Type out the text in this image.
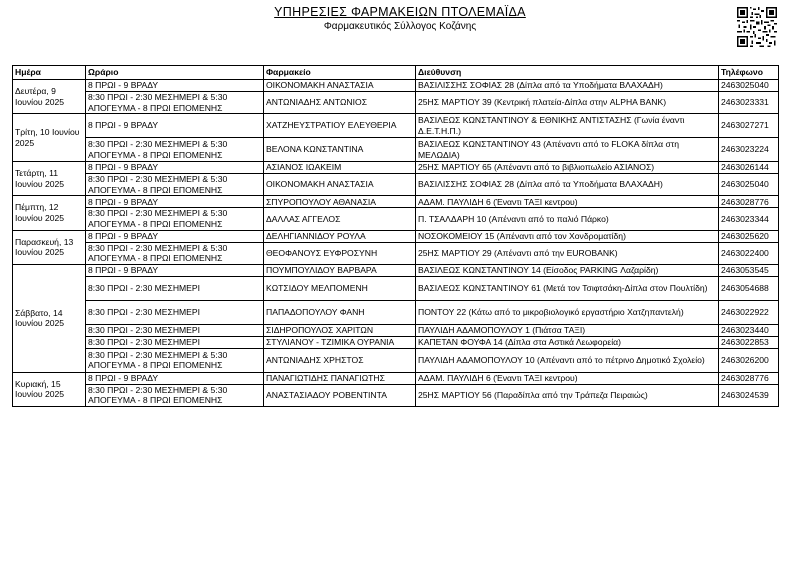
ΥΠΗΡΕΣΙΕΣ ΦΑΡΜΑΚΕΙΩΝ ΠΤΟΛΕΜΑΪΔΑ
Φαρμακευτικός Σύλλογος Κοζάνης
Ημέρα	Ωράριο	Φαρμακείο	Διεύθυνση	Τηλέφωνο
Δευτέρα, 9 Ιουνίου 2025	8 ΠΡΩΙ - 9 ΒΡΑΔΥ	ΟΙΚΟΝΟΜΑΚΗ ΑΝΑΣΤΑΣΙΑ	ΒΑΣΙΛΙΣΣΗΣ ΣΟΦΙΑΣ 28 (Δίπλα από τα Υποδήματα ΒΛΑΧΑΔΗ)	2463025040
	8:30 ΠΡΩΙ - 2:30 ΜΕΣΗΜΕΡΙ & 5:30 ΑΠΟΓΕΥΜΑ - 8 ΠΡΩΙ ΕΠΟΜΕΝΗΣ	ΑΝΤΩΝΙΑΔΗΣ ΑΝΤΩΝΙΟΣ	25ΗΣ ΜΑΡΤΙΟΥ 39 (Κεντρική πλατεία-Δίπλα στην ALPHA BANK)	2463023331
Τρίτη, 10 Ιουνίου 2025	8 ΠΡΩΙ - 9 ΒΡΑΔΥ	ΧΑΤΖΗΕΥΣΤΡΑΤΙΟΥ ΕΛΕΥΘΕΡΙΑ	ΒΑΣΙΛΕΩΣ ΚΩΝΣΤΑΝΤΙΝΟΥ & ΕΘΝΙΚΗΣ ΑΝΤΙΣΤΑΣΗΣ (Γωνία έναντι Δ.Ε.Τ.Η.Π.)	2463027271
	8:30 ΠΡΩΙ - 2:30 ΜΕΣΗΜΕΡΙ & 5:30 ΑΠΟΓΕΥΜΑ - 8 ΠΡΩΙ ΕΠΟΜΕΝΗΣ	ΒΕΛΟΝΑ ΚΩΝΣΤΑΝΤΙΝΑ	ΒΑΣΙΛΕΩΣ ΚΩΝΣΤΑΝΤΙΝΟΥ 43 (Απέναντι από το FLOKA δίπλα στη ΜΕΛΩΔΙΑ)	2463023224
Τετάρτη, 11 Ιουνίου 2025	8 ΠΡΩΙ - 9 ΒΡΑΔΥ	ΑΣΙΑΝΟΣ ΙΩΑΚΕΙΜ	25ΗΣ ΜΑΡΤΙΟΥ 65 (Απέναντι από το βιβλιοπωλείο ΑΣΙΑΝΟΣ)	2463026144
	8:30 ΠΡΩΙ - 2:30 ΜΕΣΗΜΕΡΙ & 5:30 ΑΠΟΓΕΥΜΑ - 8 ΠΡΩΙ ΕΠΟΜΕΝΗΣ	ΟΙΚΟΝΟΜΑΚΗ ΑΝΑΣΤΑΣΙΑ	ΒΑΣΙΛΙΣΣΗΣ ΣΟΦΙΑΣ 28 (Δίπλα από τα Υποδήματα ΒΛΑΧΑΔΗ)	2463025040
Πέμπτη, 12 Ιουνίου 2025	8 ΠΡΩΙ - 9 ΒΡΑΔΥ	ΣΠΥΡΟΠΟΥΛΟΥ ΑΘΑΝΑΣΙΑ	ΑΔΑΜ. ΠΑΥΛΙΔΗ 6 (Έναντι ΤΑΞΙ κεντρου)	2463028776
	8:30 ΠΡΩΙ - 2:30 ΜΕΣΗΜΕΡΙ & 5:30 ΑΠΟΓΕΥΜΑ - 8 ΠΡΩΙ ΕΠΟΜΕΝΗΣ	ΔΑΛΛΑΣ ΑΓΓΕΛΟΣ	Π. ΤΣΑΛΔΑΡΗ 10 (Απέναντι από το παλιό Πάρκο)	2463023344
Παρασκευή, 13 Ιουνίου 2025	8 ΠΡΩΙ - 9 ΒΡΑΔΥ	ΔΕΛΗΓΙΑΝΝΙΔΟΥ ΡΟΥΛΑ	ΝΟΣΟΚΟΜΕΙΟΥ 15 (Απέναντι από τον Χονδροματίδη)	2463025620
	8:30 ΠΡΩΙ - 2:30 ΜΕΣΗΜΕΡΙ & 5:30 ΑΠΟΓΕΥΜΑ - 8 ΠΡΩΙ ΕΠΟΜΕΝΗΣ	ΘΕΟΦΑΝΟΥΣ ΕΥΦΡΟΣΥΝΗ	25ΗΣ ΜΑΡΤΙΟΥ 29 (Απέναντι από την EUROBANK)	2463022400
Σάββατο, 14 Ιουνίου 2025	8 ΠΡΩΙ - 9 ΒΡΑΔΥ	ΠΟΥΜΠΟΥΛΙΔΟΥ ΒΑΡΒΑΡΑ	ΒΑΣΙΛΕΩΣ ΚΩΝΣΤΑΝΤΙΝΟΥ 14 (Είσοδος PARKING Λαζαρίδη)	2463053545
	8:30 ΠΡΩΙ - 2:30 ΜΕΣΗΜΕΡΙ	ΚΩΤΣΙΔΟΥ ΜΕΛΠΟΜΕΝΗ	ΒΑΣΙΛΕΩΣ ΚΩΝΣΤΑΝΤΙΝΟΥ 61 (Μετά τον Τσιφτσάκη-Δίπλα στον Πουλτίδη)	2463054688
	8:30 ΠΡΩΙ - 2:30 ΜΕΣΗΜΕΡΙ	ΠΑΠΑΔΟΠΟΥΛΟΥ ΦΑΝΗ	ΠΟΝΤΟΥ 22 (Κάτω από το μικροβιολογικό εργαστήριο Χατζηπαντελή)	2463022922
	8:30 ΠΡΩΙ - 2:30 ΜΕΣΗΜΕΡΙ	ΣΙΔΗΡΟΠΟΥΛΟΣ ΧΑΡΙΤΩΝ	ΠΑΥΛΙΔΗ ΑΔΑΜΟΠΟΥΛΟΥ 1 (Πιάτσα ΤΑΞΙ)	2463023440
	8:30 ΠΡΩΙ - 2:30 ΜΕΣΗΜΕΡΙ	ΣΤΥΛΙΑΝΟΥ - ΤΖΙΜΙΚΑ ΟΥΡΑΝΙΑ	ΚΑΠΕΤΑΝ ΦΟΥΦΑ 14 (Δίπλα στα Αστικά Λεωφορεία)	2463022853
	8:30 ΠΡΩΙ - 2:30 ΜΕΣΗΜΕΡΙ & 5:30 ΑΠΟΓΕΥΜΑ - 8 ΠΡΩΙ ΕΠΟΜΕΝΗΣ	ΑΝΤΩΝΙΑΔΗΣ ΧΡΗΣΤΟΣ	ΠΑΥΛΙΔΗ ΑΔΑΜΟΠΟΥΛΟΥ 10 (Απέναντι από το πέτρινο Δημοτικό Σχολείο)	2463026200
Κυριακή, 15 Ιουνίου 2025	8 ΠΡΩΙ - 9 ΒΡΑΔΥ	ΠΑΝΑΓΙΩΤΙΔΗΣ ΠΑΝΑΓΙΩΤΗΣ	ΑΔΑΜ. ΠΑΥΛΙΔΗ 6 (Έναντι ΤΑΞΙ κεντρου)	2463028776
	8:30 ΠΡΩΙ - 2:30 ΜΕΣΗΜΕΡΙ & 5:30 ΑΠΟΓΕΥΜΑ - 8 ΠΡΩΙ ΕΠΟΜΕΝΗΣ	ΑΝΑΣΤΑΣΙΑΔΟΥ ΡΟΒΕΝΤΙΝΤΑ	25ΗΣ ΜΑΡΤΙΟΥ 56 (Παραδίπλα από την Τράπεζα Πειραιώς)	2463024539
